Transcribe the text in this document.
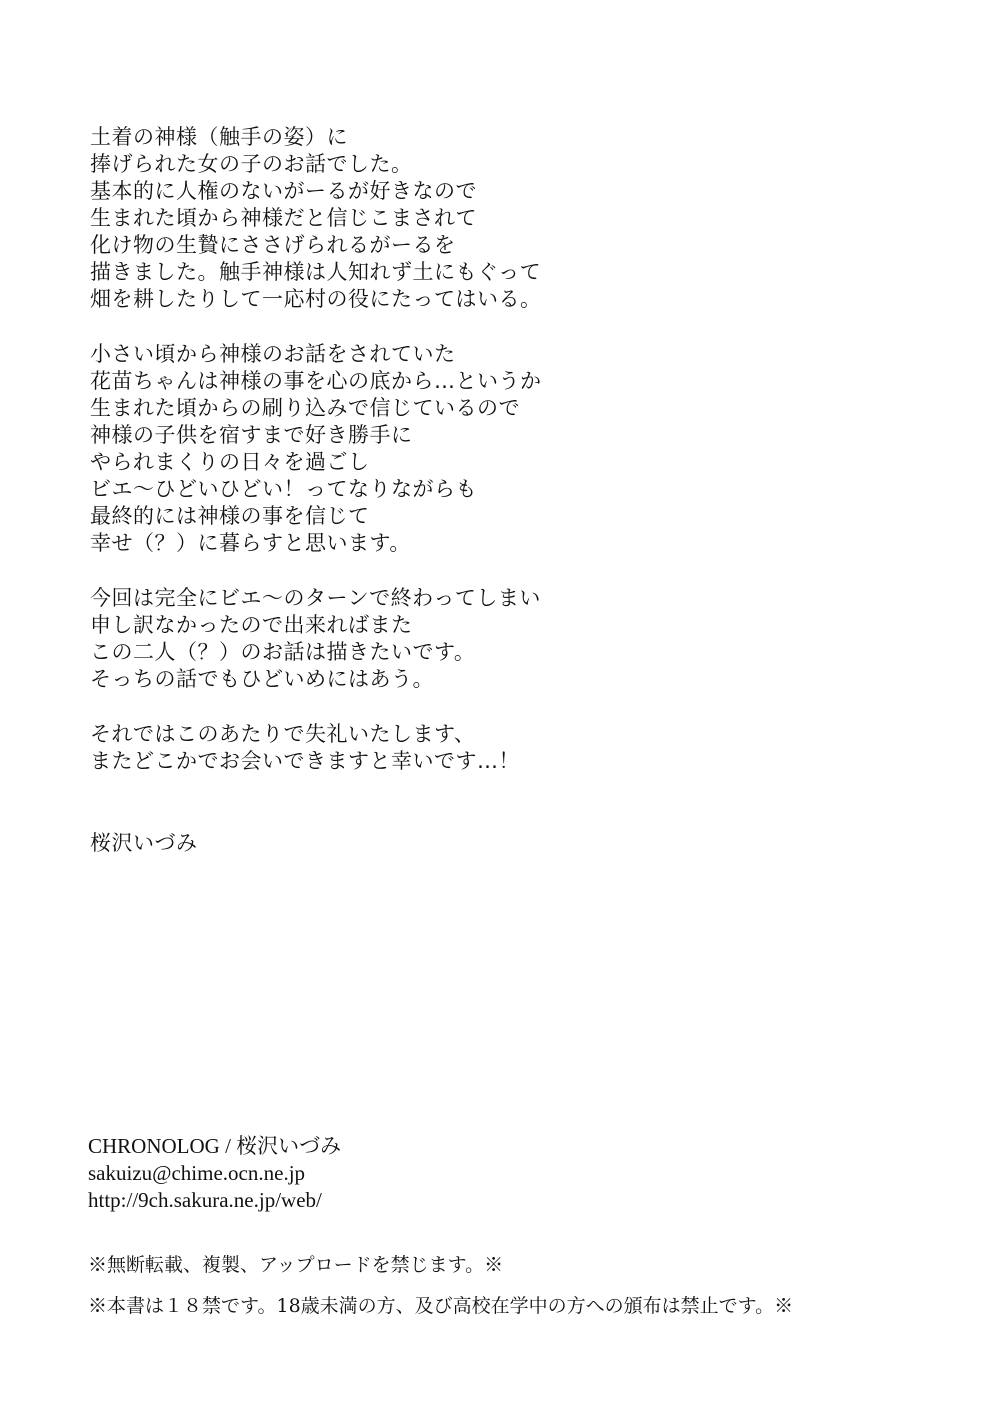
土着の神様（触手の姿）に
捧げられた女の子のお話でした。
基本的に人権のないがーるが好きなので
生まれた頃から神様だと信じこまされて
化け物の生贄にささげられるがーるを
描きました。触手神様は人知れず土にもぐって
畑を耕したりして一応村の役にたってはいる。
小さい頃から神様のお話をされていた
花苗ちゃんは神様の事を心の底から…というか
生まれた頃からの刷り込みで信じているので
神様の子供を宿すまで好き勝手に
やられまくりの日々を過ごし
ビエ～ひどいひどい！ってなりながらも
最終的には神様の事を信じて
幸せ（？）に暮らすと思います。
今回は完全にビエ～のターンで終わってしまい
申し訳なかったので出来ればまた
この二人（？）のお話は描きたいです。
そっちの話でもひどいめにはあう。
それではこのあたりで失礼いたします、
またどこかでお会いできますと幸いです…！
桜沢いづみ
CHRONOLOG / 桜沢いづみ
sakuizu@chime.ocn.ne.jp
http://9ch.sakura.ne.jp/web/
※無断転載、複製、アップロードを禁じます。※
※本書は１８禁です。18歳未満の方、及び高校在学中の方への頒布は禁止です。※
